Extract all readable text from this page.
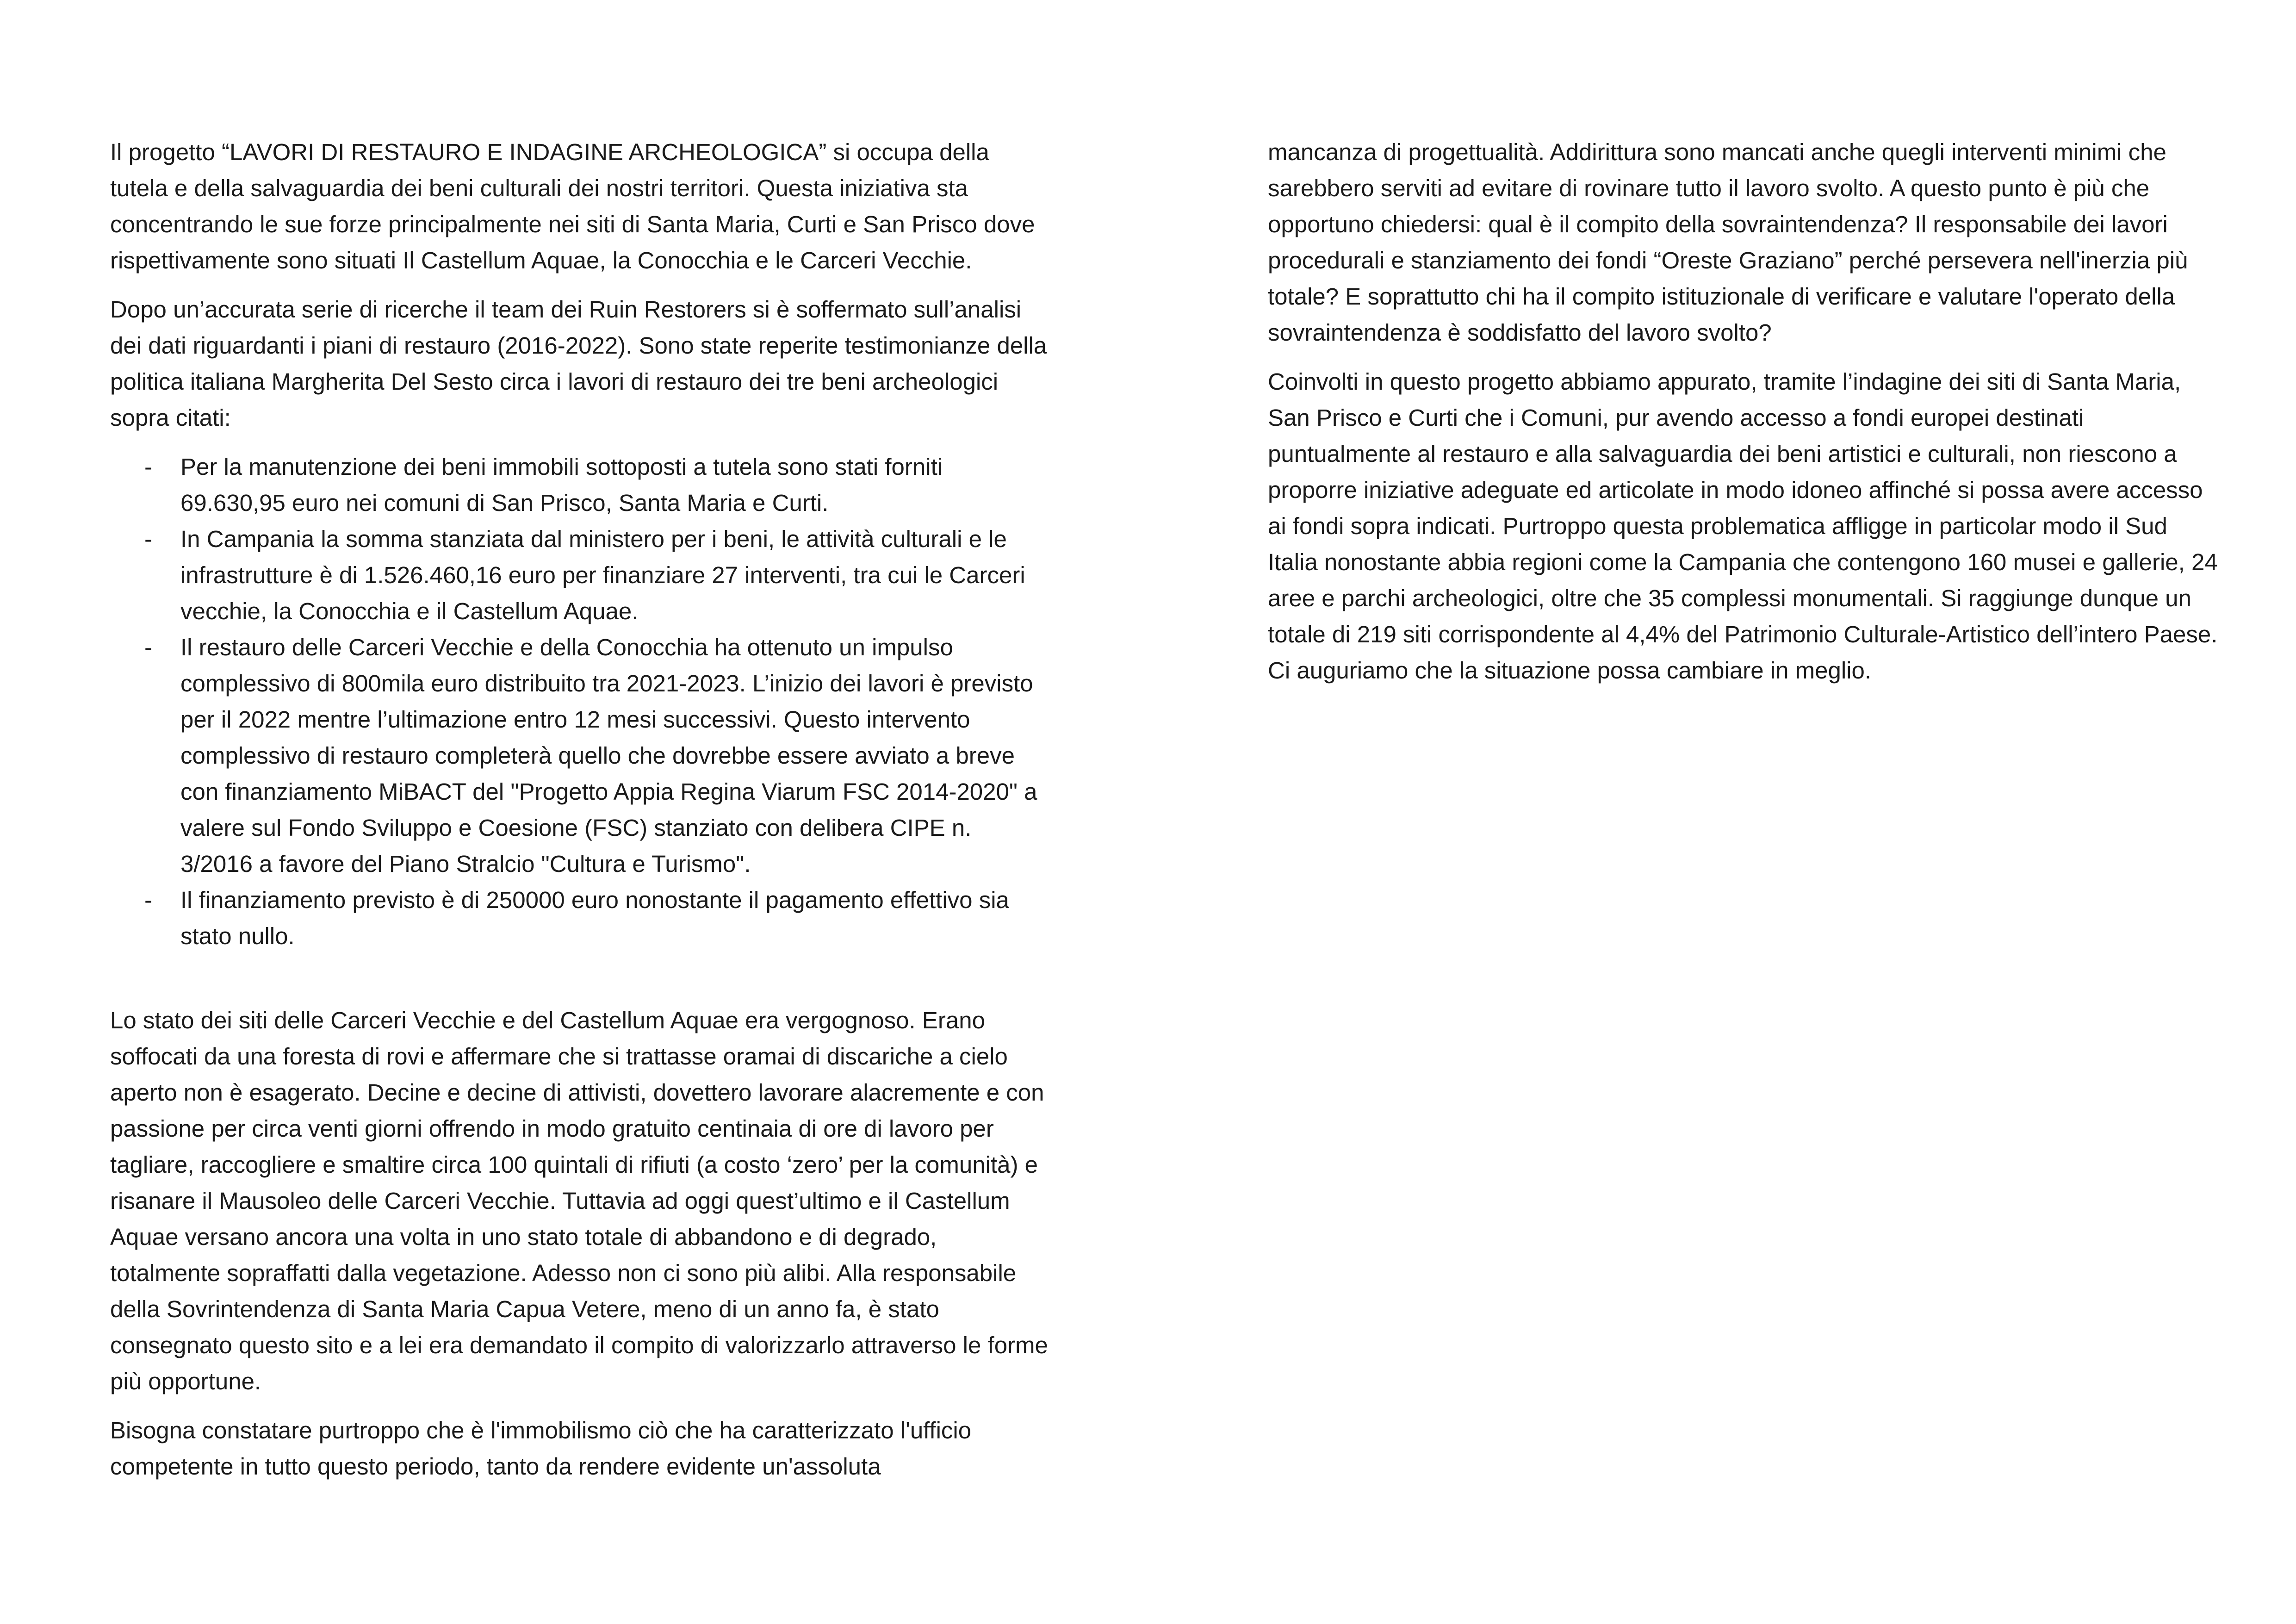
Il progetto “LAVORI DI RESTAURO E INDAGINE ARCHEOLOGICA” si occupa della tutela e della salvaguardia dei beni culturali dei nostri territori. Questa iniziativa sta concentrando le sue forze principalmente nei siti di Santa Maria, Curti e San Prisco dove rispettivamente sono situati Il Castellum Aquae, la Conocchia e le Carceri Vecchie.

Dopo un’accurata serie di ricerche il team dei Ruin Restorers si è soffermato sull’analisi dei dati riguardanti i piani di restauro (2016-2022). Sono state reperite testimonianze della politica italiana Margherita Del Sesto circa i lavori di restauro dei tre beni archeologici sopra citati:

- Per la manutenzione dei beni immobili sottoposti a tutela sono stati forniti 69.630,95 euro nei comuni di San Prisco, Santa Maria e Curti.
- In Campania la somma stanziata dal ministero per i beni, le attività culturali e le infrastrutture è di 1.526.460,16 euro per finanziare 27 interventi, tra cui le Carceri vecchie, la Conocchia e il Castellum Aquae.
- Il restauro delle Carceri Vecchie e della Conocchia ha ottenuto un impulso complessivo di 800mila euro distribuito tra 2021-2023. L’inizio dei lavori è previsto per il 2022 mentre l’ultimazione entro 12 mesi successivi. Questo intervento complessivo di restauro completerà quello che dovrebbe essere avviato a breve con finanziamento MiBACT del "Progetto Appia Regina Viarum FSC 2014-2020" a valere sul Fondo Sviluppo e Coesione (FSC) stanziato con delibera CIPE n. 3/2016 a favore del Piano Stralcio "Cultura e Turismo".
- Il finanziamento previsto è di 250000 euro nonostante il pagamento effettivo sia stato nullo.

Lo stato dei siti delle Carceri Vecchie e del Castellum Aquae era vergognoso. Erano soffocati da una foresta di rovi e affermare che si trattasse oramai di discariche a cielo aperto non è esagerato. Decine e decine di attivisti, dovettero lavorare alacremente e con passione per circa venti giorni offrendo in modo gratuito centinaia di ore di lavoro per tagliare, raccogliere e smaltire circa 100 quintali di rifiuti (a costo ‘zero’ per la comunità) e risanare il Mausoleo delle Carceri Vecchie. Tuttavia ad oggi quest’ultimo e il Castellum Aquae versano ancora una volta in uno stato totale di abbandono e di degrado, totalmente sopraffatti dalla vegetazione. Adesso non ci sono più alibi. Alla responsabile della Sovrintendenza di Santa Maria Capua Vetere, meno di un anno fa, è stato consegnato questo sito e a lei era demandato il compito di valorizzarlo attraverso le forme più opportune.

Bisogna constatare purtroppo che è l'immobilismo ciò che ha caratterizzato l'ufficio competente in tutto questo periodo, tanto da rendere evidente un'assoluta

mancanza di progettualità. Addirittura sono mancati anche quegli interventi minimi che sarebbero serviti ad evitare di rovinare tutto il lavoro svolto. A questo punto è più che opportuno chiedersi: qual è il compito della sovraintendenza? Il responsabile dei lavori procedurali e stanziamento dei fondi “Oreste Graziano” perché persevera nell'inerzia più totale? E soprattutto chi ha il compito istituzionale di verificare e valutare l'operato della sovraintendenza è soddisfatto del lavoro svolto?

Coinvolti in questo progetto abbiamo appurato, tramite l’indagine dei siti di Santa Maria, San Prisco e Curti che i Comuni, pur avendo accesso a fondi europei destinati puntualmente al restauro e alla salvaguardia dei beni artistici e culturali, non riescono a proporre iniziative adeguate ed articolate in modo idoneo affinché si possa avere accesso ai fondi sopra indicati. Purtroppo questa problematica affligge in particolar modo il Sud Italia nonostante abbia regioni come la Campania che contengono 160 musei e gallerie, 24 aree e parchi archeologici, oltre che 35 complessi monumentali. Si raggiunge dunque un totale di 219 siti corrispondente al 4,4% del Patrimonio Culturale-Artistico dell’intero Paese. Ci auguriamo che la situazione possa cambiare in meglio.
